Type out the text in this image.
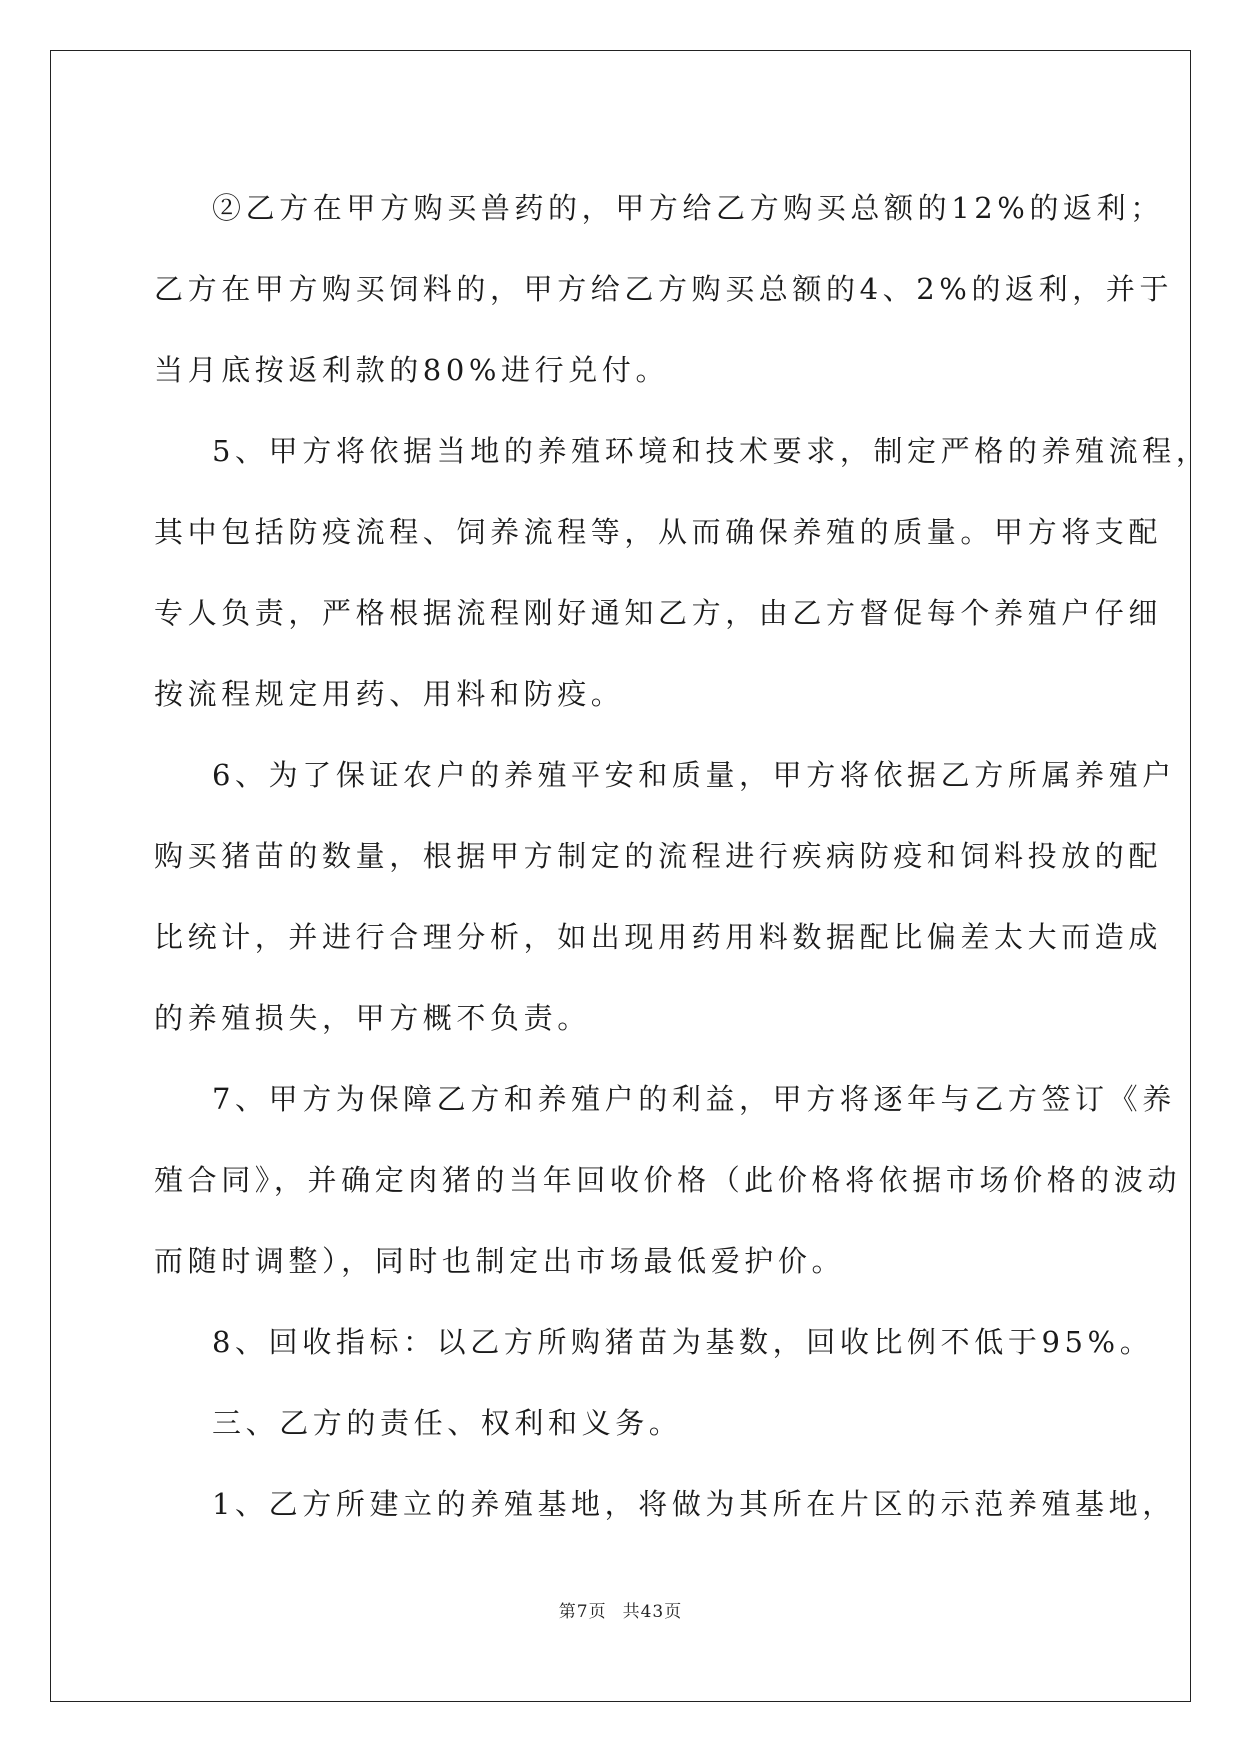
②乙方在甲方购买兽药的，甲方给乙方购买总额的12%的返利；

乙方在甲方购买饲料的，甲方给乙方购买总额的4、2%的返利，并于

当月底按返利款的80%进行兑付。

5、甲方将依据当地的养殖环境和技术要求，制定严格的养殖流程，

其中包括防疫流程、饲养流程等，从而确保养殖的质量。甲方将支配

专人负责，严格根据流程刚好通知乙方，由乙方督促每个养殖户仔细

按流程规定用药、用料和防疫。

6、为了保证农户的养殖平安和质量，甲方将依据乙方所属养殖户

购买猪苗的数量，根据甲方制定的流程进行疾病防疫和饲料投放的配

比统计，并进行合理分析，如出现用药用料数据配比偏差太大而造成

的养殖损失，甲方概不负责。

7、甲方为保障乙方和养殖户的利益，甲方将逐年与乙方签订《养

殖合同》，并确定肉猪的当年回收价格（此价格将依据市场价格的波动

而随时调整），同时也制定出市场最低爱护价。

8、回收指标：以乙方所购猪苗为基数，回收比例不低于95%。

三、乙方的责任、权利和义务。

1、乙方所建立的养殖基地，将做为其所在片区的示范养殖基地，

第7页 共43页
